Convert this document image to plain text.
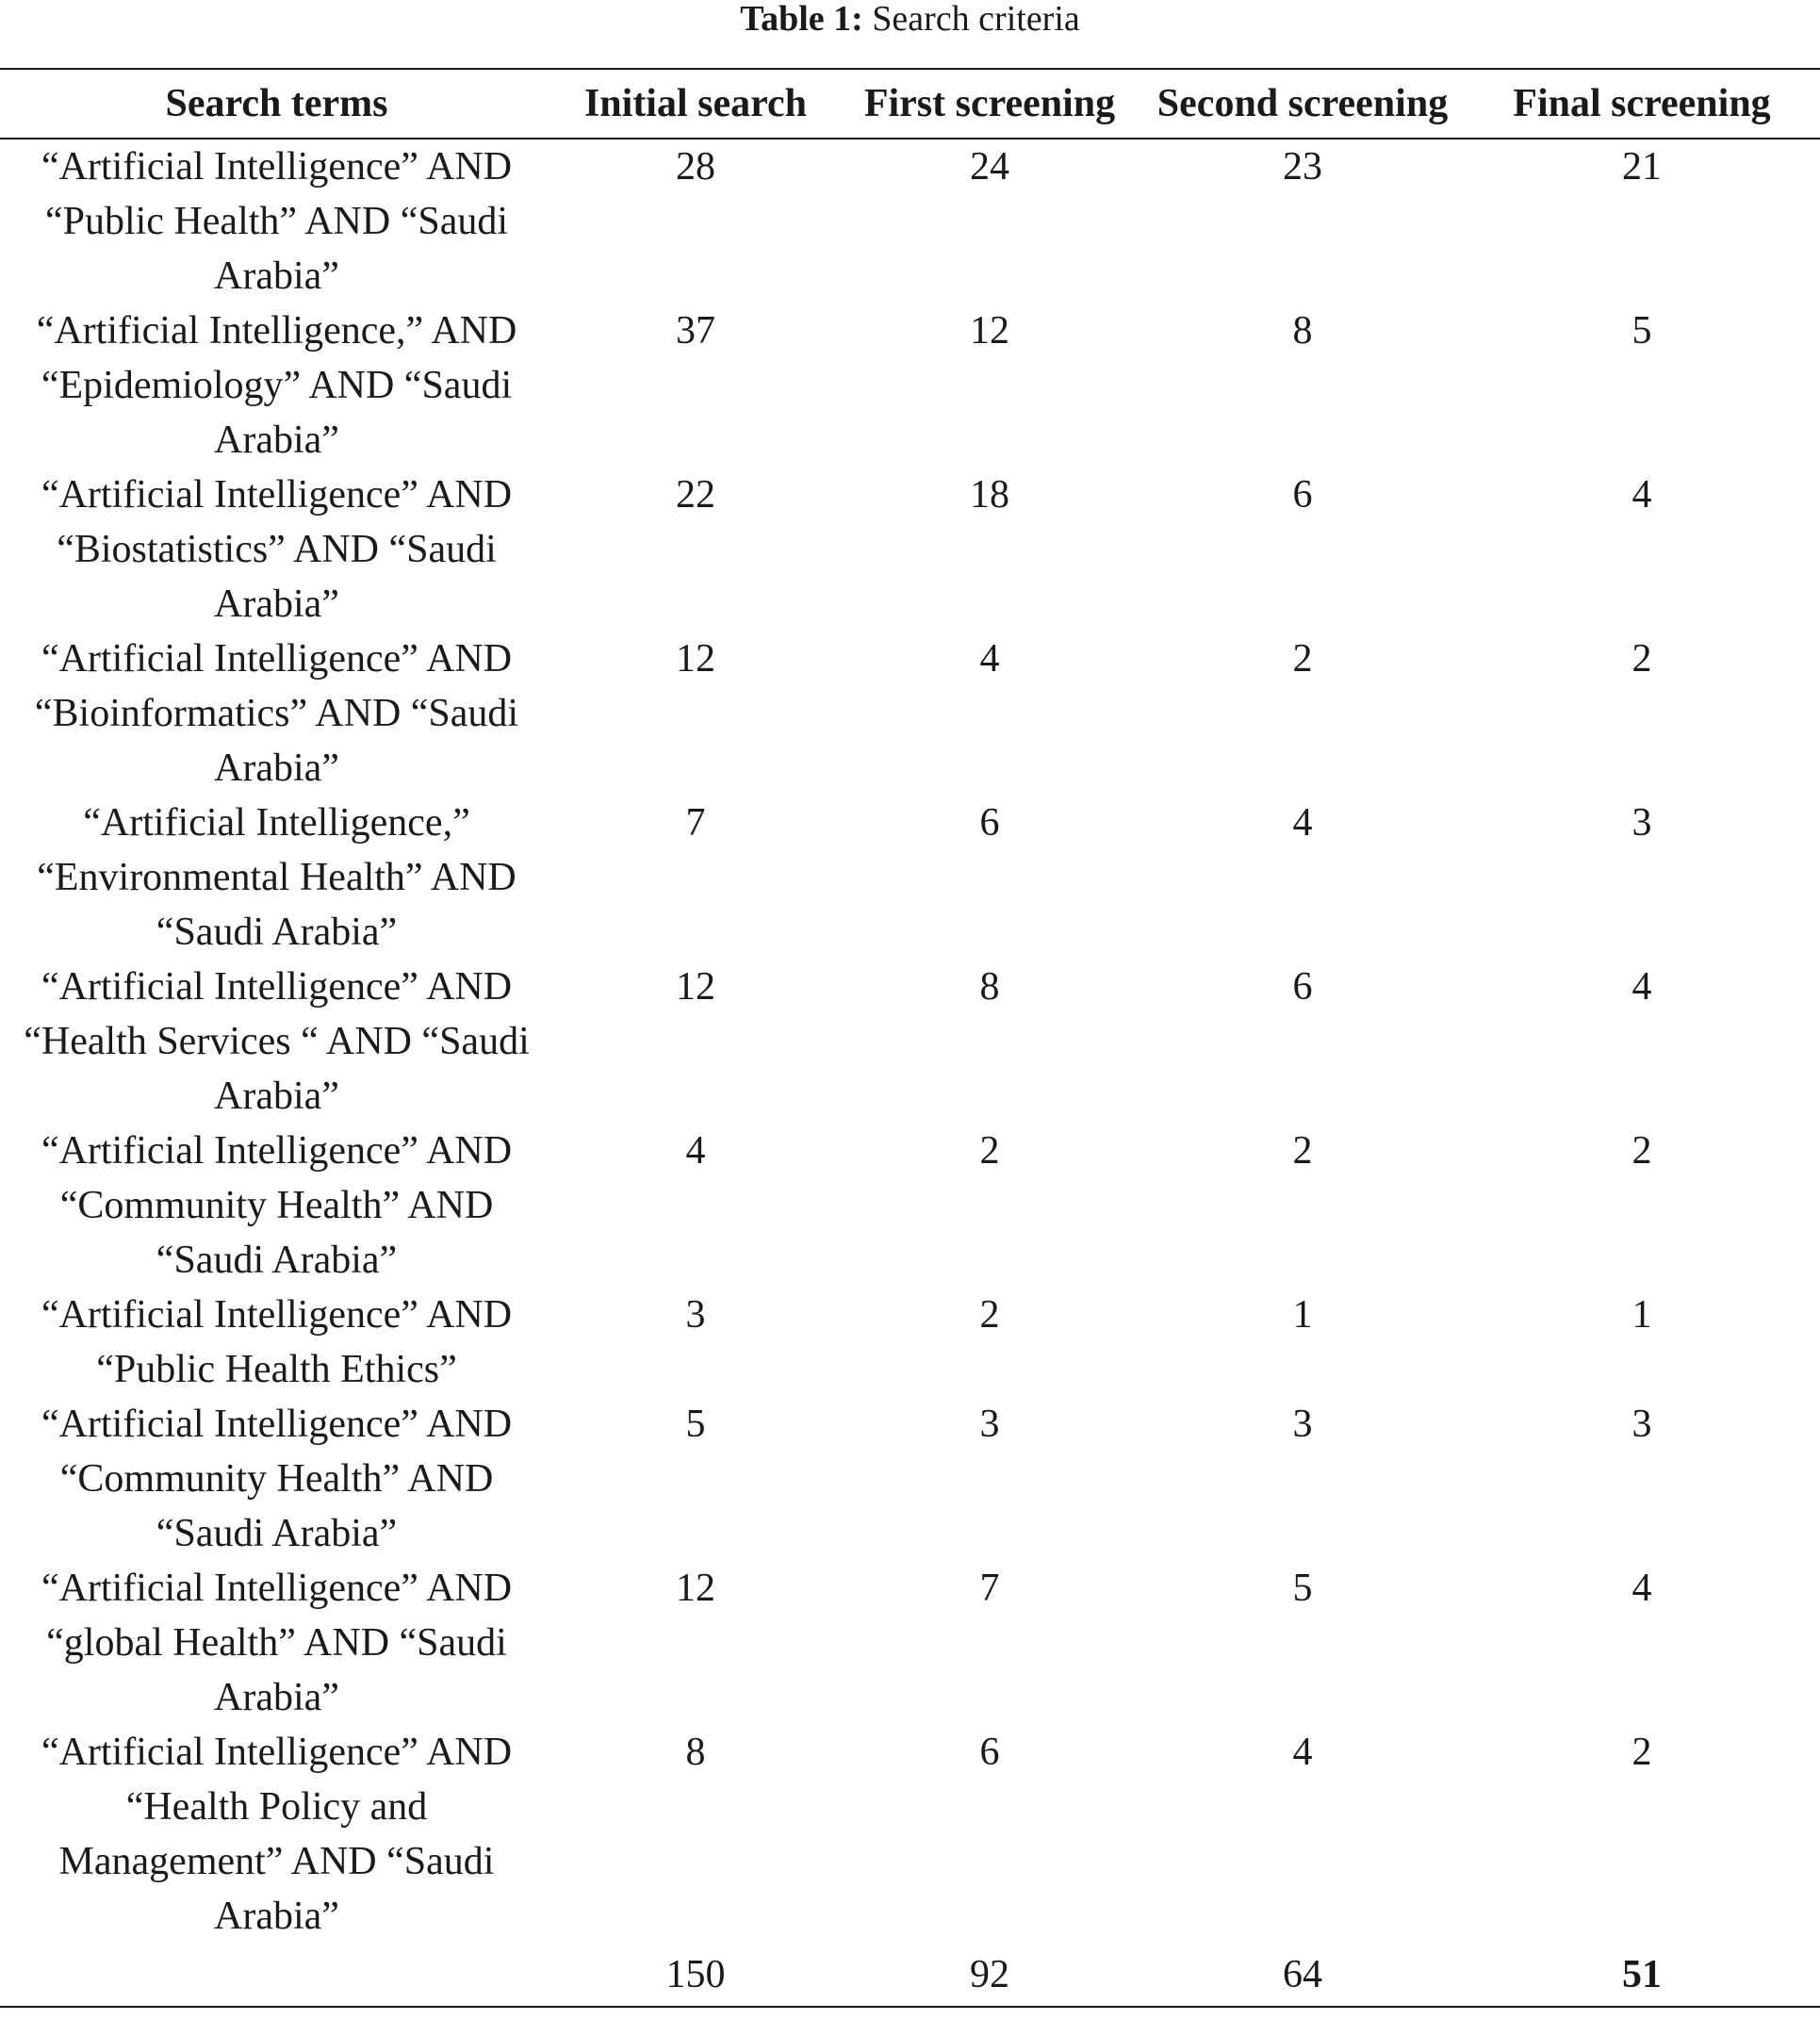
Table 1: Search criteria
Search terms	Initial search	First screening	Second screening	Final screening
“Artificial Intelligence” AND “Public Health” AND “Saudi Arabia”	28	24	23	21
“Artificial Intelligence,” AND “Epidemiology” AND “Saudi Arabia”	37	12	8	5
“Artificial Intelligence” AND “Biostatistics” AND “Saudi Arabia”	22	18	6	4
“Artificial Intelligence” AND “Bioinformatics” AND “Saudi Arabia”	12	4	2	2
“Artificial Intelligence,” “Environmental Health” AND “Saudi Arabia”	7	6	4	3
“Artificial Intelligence” AND “Health Services “ AND “Saudi Arabia”	12	8	6	4
“Artificial Intelligence” AND “Community Health” AND “Saudi Arabia”	4	2	2	2
“Artificial Intelligence” AND “Public Health Ethics”	3	2	1	1
“Artificial Intelligence” AND “Community Health” AND “Saudi Arabia”	5	3	3	3
“Artificial Intelligence” AND “global Health” AND “Saudi Arabia”	12	7	5	4
“Artificial Intelligence” AND “Health Policy and Management” AND “Saudi Arabia”	8	6	4	2
	150	92	64	51
